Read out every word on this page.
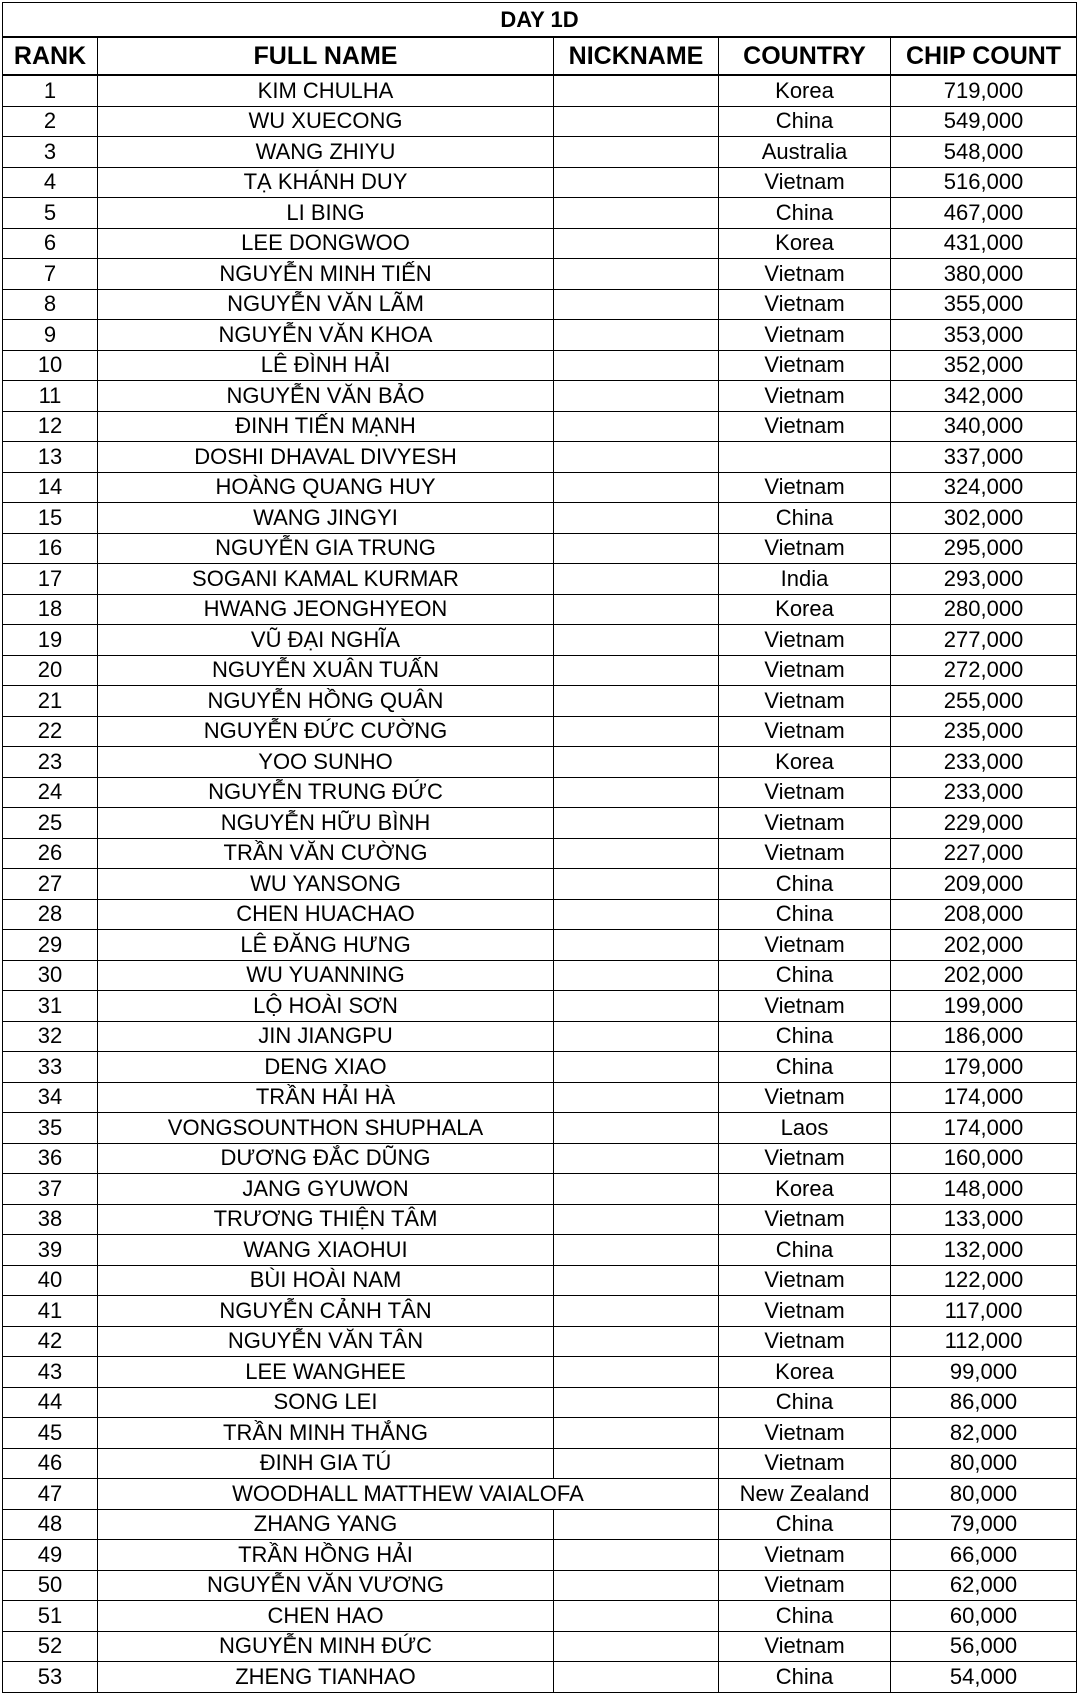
DAY 1D				
RANK	FULL NAME	NICKNAME	COUNTRY	CHIP COUNT
1	KIM CHULHA		Korea	719,000
2	WU XUECONG		China	549,000
3	WANG ZHIYU		Australia	548,000
4	TẠ KHÁNH DUY		Vietnam	516,000
5	LI BING		China	467,000
6	LEE DONGWOO		Korea	431,000
7	NGUYỄN MINH TIẾN		Vietnam	380,000
8	NGUYỄN VĂN LÃM		Vietnam	355,000
9	NGUYỄN VĂN KHOA		Vietnam	353,000
10	LÊ ĐÌNH HẢI		Vietnam	352,000
11	NGUYỄN VĂN BẢO		Vietnam	342,000
12	ĐINH TIẾN MẠNH		Vietnam	340,000
13	DOSHI DHAVAL DIVYESH			337,000
14	HOÀNG QUANG HUY		Vietnam	324,000
15	WANG JINGYI		China	302,000
16	NGUYỄN GIA TRUNG		Vietnam	295,000
17	SOGANI KAMAL KURMAR		India	293,000
18	HWANG JEONGHYEON		Korea	280,000
19	VŨ ĐẠI NGHĨA		Vietnam	277,000
20	NGUYỄN XUÂN TUẤN		Vietnam	272,000
21	NGUYỄN HỒNG QUÂN		Vietnam	255,000
22	NGUYỄN ĐỨC CƯỜNG		Vietnam	235,000
23	YOO SUNHO		Korea	233,000
24	NGUYỄN TRUNG ĐỨC		Vietnam	233,000
25	NGUYỄN HỮU BÌNH		Vietnam	229,000
26	TRẦN VĂN CƯỜNG		Vietnam	227,000
27	WU YANSONG		China	209,000
28	CHEN HUACHAO		China	208,000
29	LÊ ĐĂNG HƯNG		Vietnam	202,000
30	WU YUANNING		China	202,000
31	LỘ HOÀI SƠN		Vietnam	199,000
32	JIN JIANGPU		China	186,000
33	DENG XIAO		China	179,000
34	TRẦN HẢI HÀ		Vietnam	174,000
35	VONGSOUNTHON SHUPHALA		Laos	174,000
36	DƯƠNG ĐẮC DŨNG		Vietnam	160,000
37	JANG GYUWON		Korea	148,000
38	TRƯƠNG THIỆN TÂM		Vietnam	133,000
39	WANG XIAOHUI		China	132,000
40	BÙI HOÀI NAM		Vietnam	122,000
41	NGUYỄN CẢNH TÂN		Vietnam	117,000
42	NGUYỄN VĂN TÂN		Vietnam	112,000
43	LEE WANGHEE		Korea	99,000
44	SONG LEI		China	86,000
45	TRẦN MINH THẮNG		Vietnam	82,000
46	ĐINH GIA TÚ		Vietnam	80,000
47	WOODHALL MATTHEW VAIALOFA		New Zealand	80,000
48	ZHANG YANG		China	79,000
49	TRẦN HỒNG HẢI		Vietnam	66,000
50	NGUYỄN VĂN VƯƠNG		Vietnam	62,000
51	CHEN HAO		China	60,000
52	NGUYỄN MINH ĐỨC		Vietnam	56,000
53	ZHENG TIANHAO		China	54,000
